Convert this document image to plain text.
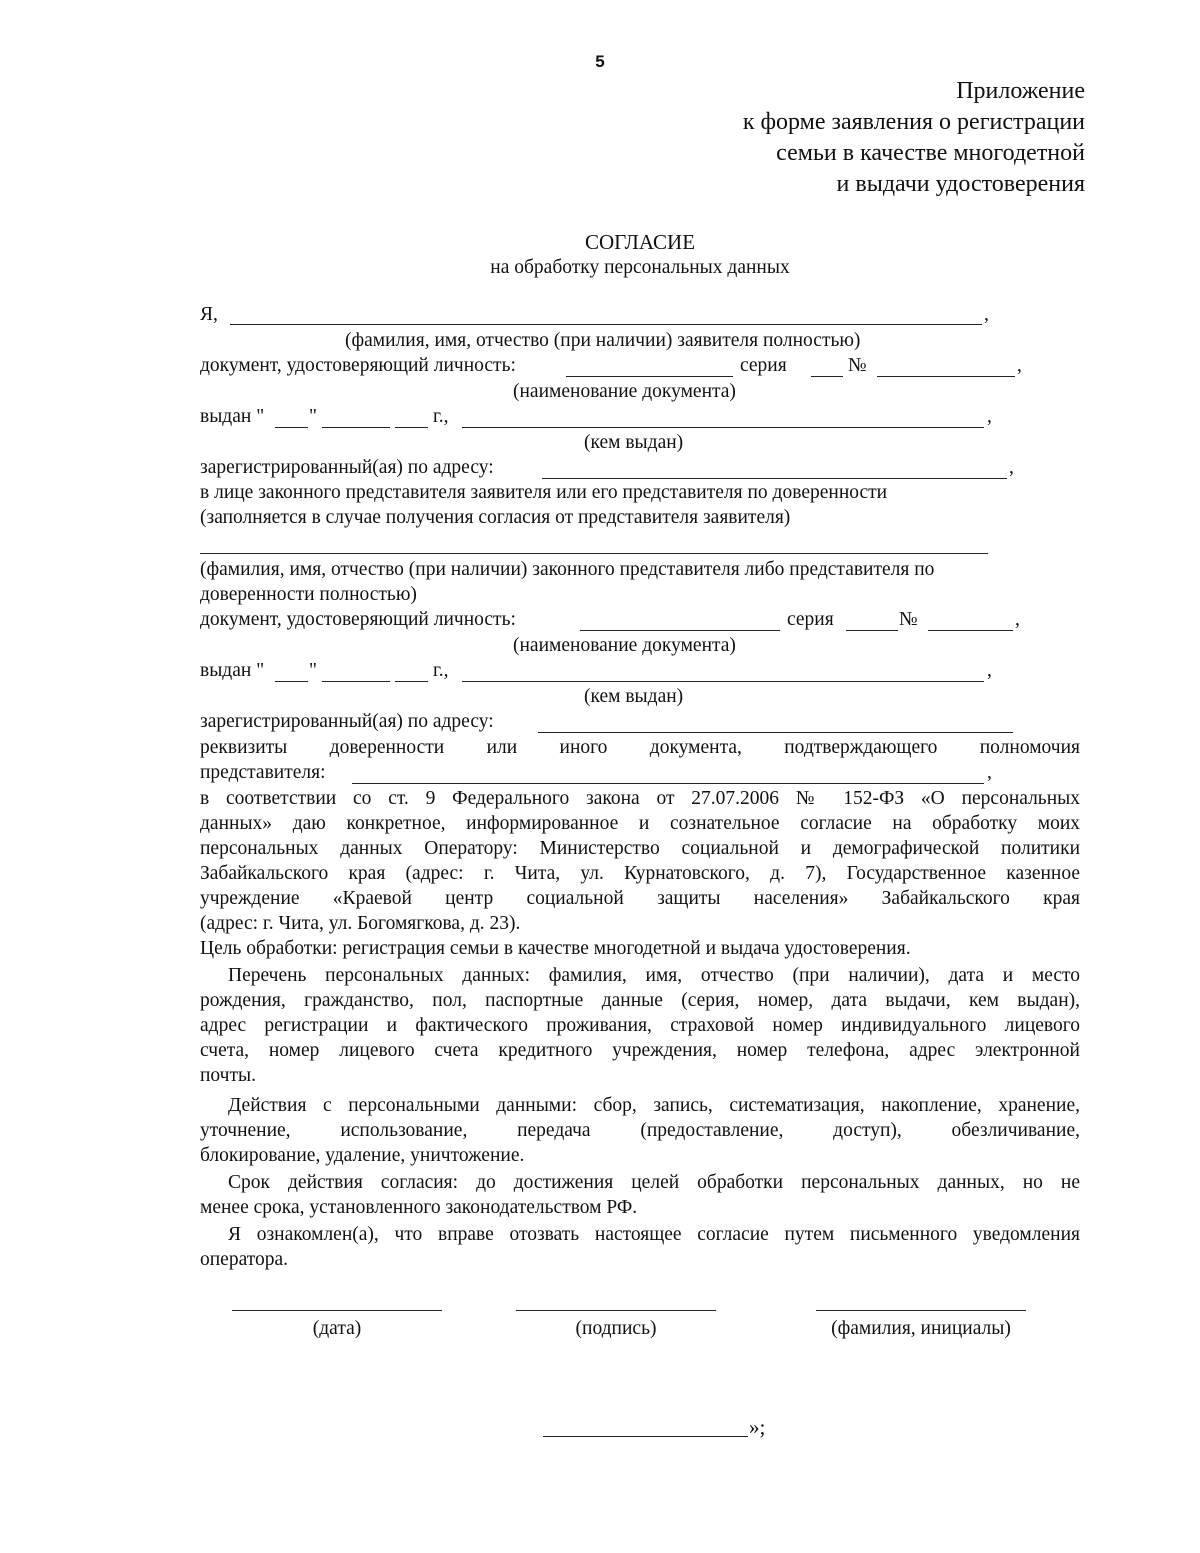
5
Приложение
к форме заявления о регистрации
семьи в качестве многодетной
и выдачи удостоверения
СОГЛАСИЕ
на обработку персональных данных
Я,	,
(фамилия, имя, отчество (при наличии) заявителя полностью)
документ, удостоверяющий личность:	серия	№	,
(наименование документа)
выдан " "	г.,	,
(кем выдан)
зарегистрированный(ая) по адресу:	,
в лице законного представителя заявителя или его представителя по доверенности
(заполняется в случае получения согласия от представителя заявителя)
(фамилия, имя, отчество (при наличии) законного представителя либо представителя по
доверенности полностью)
документ, удостоверяющий личность:	серия	№	,
(наименование документа)
выдан " "	г.,	,
(кем выдан)
зарегистрированный(ая) по адресу:
реквизиты доверенности или иного документа, подтверждающего полномочия
представителя:	,
в соответствии со ст. 9 Федерального закона от 27.07.2006 № 152-ФЗ «О персональных
данных» даю конкретное, информированное и сознательное согласие на обработку моих
персональных данных Оператору: Министерство социальной и демографической политики
Забайкальского края (адрес: г. Чита, ул. Курнатовского, д. 7), Государственное казенное
учреждение «Краевой центр социальной защиты населения» Забайкальского края
(адрес: г. Чита, ул. Богомягкова, д. 23).
Цель обработки: регистрация семьи в качестве многодетной и выдача удостоверения.
Перечень персональных данных: фамилия, имя, отчество (при наличии), дата и место
рождения, гражданство, пол, паспортные данные (серия, номер, дата выдачи, кем выдан),
адрес регистрации и фактического проживания, страховой номер индивидуального лицевого
счета, номер лицевого счета кредитного учреждения, номер телефона, адрес электронной
почты.
Действия с персональными данными: сбор, запись, систематизация, накопление, хранение,
уточнение, использование, передача (предоставление, доступ), обезличивание,
блокирование, удаление, уничтожение.
Срок действия согласия: до достижения целей обработки персональных данных, но не
менее срока, установленного законодательством РФ.
Я ознакомлен(а), что вправе отозвать настоящее согласие путем письменного уведомления
оператора.
(дата)	(подпись)	(фамилия, инициалы)
»;
